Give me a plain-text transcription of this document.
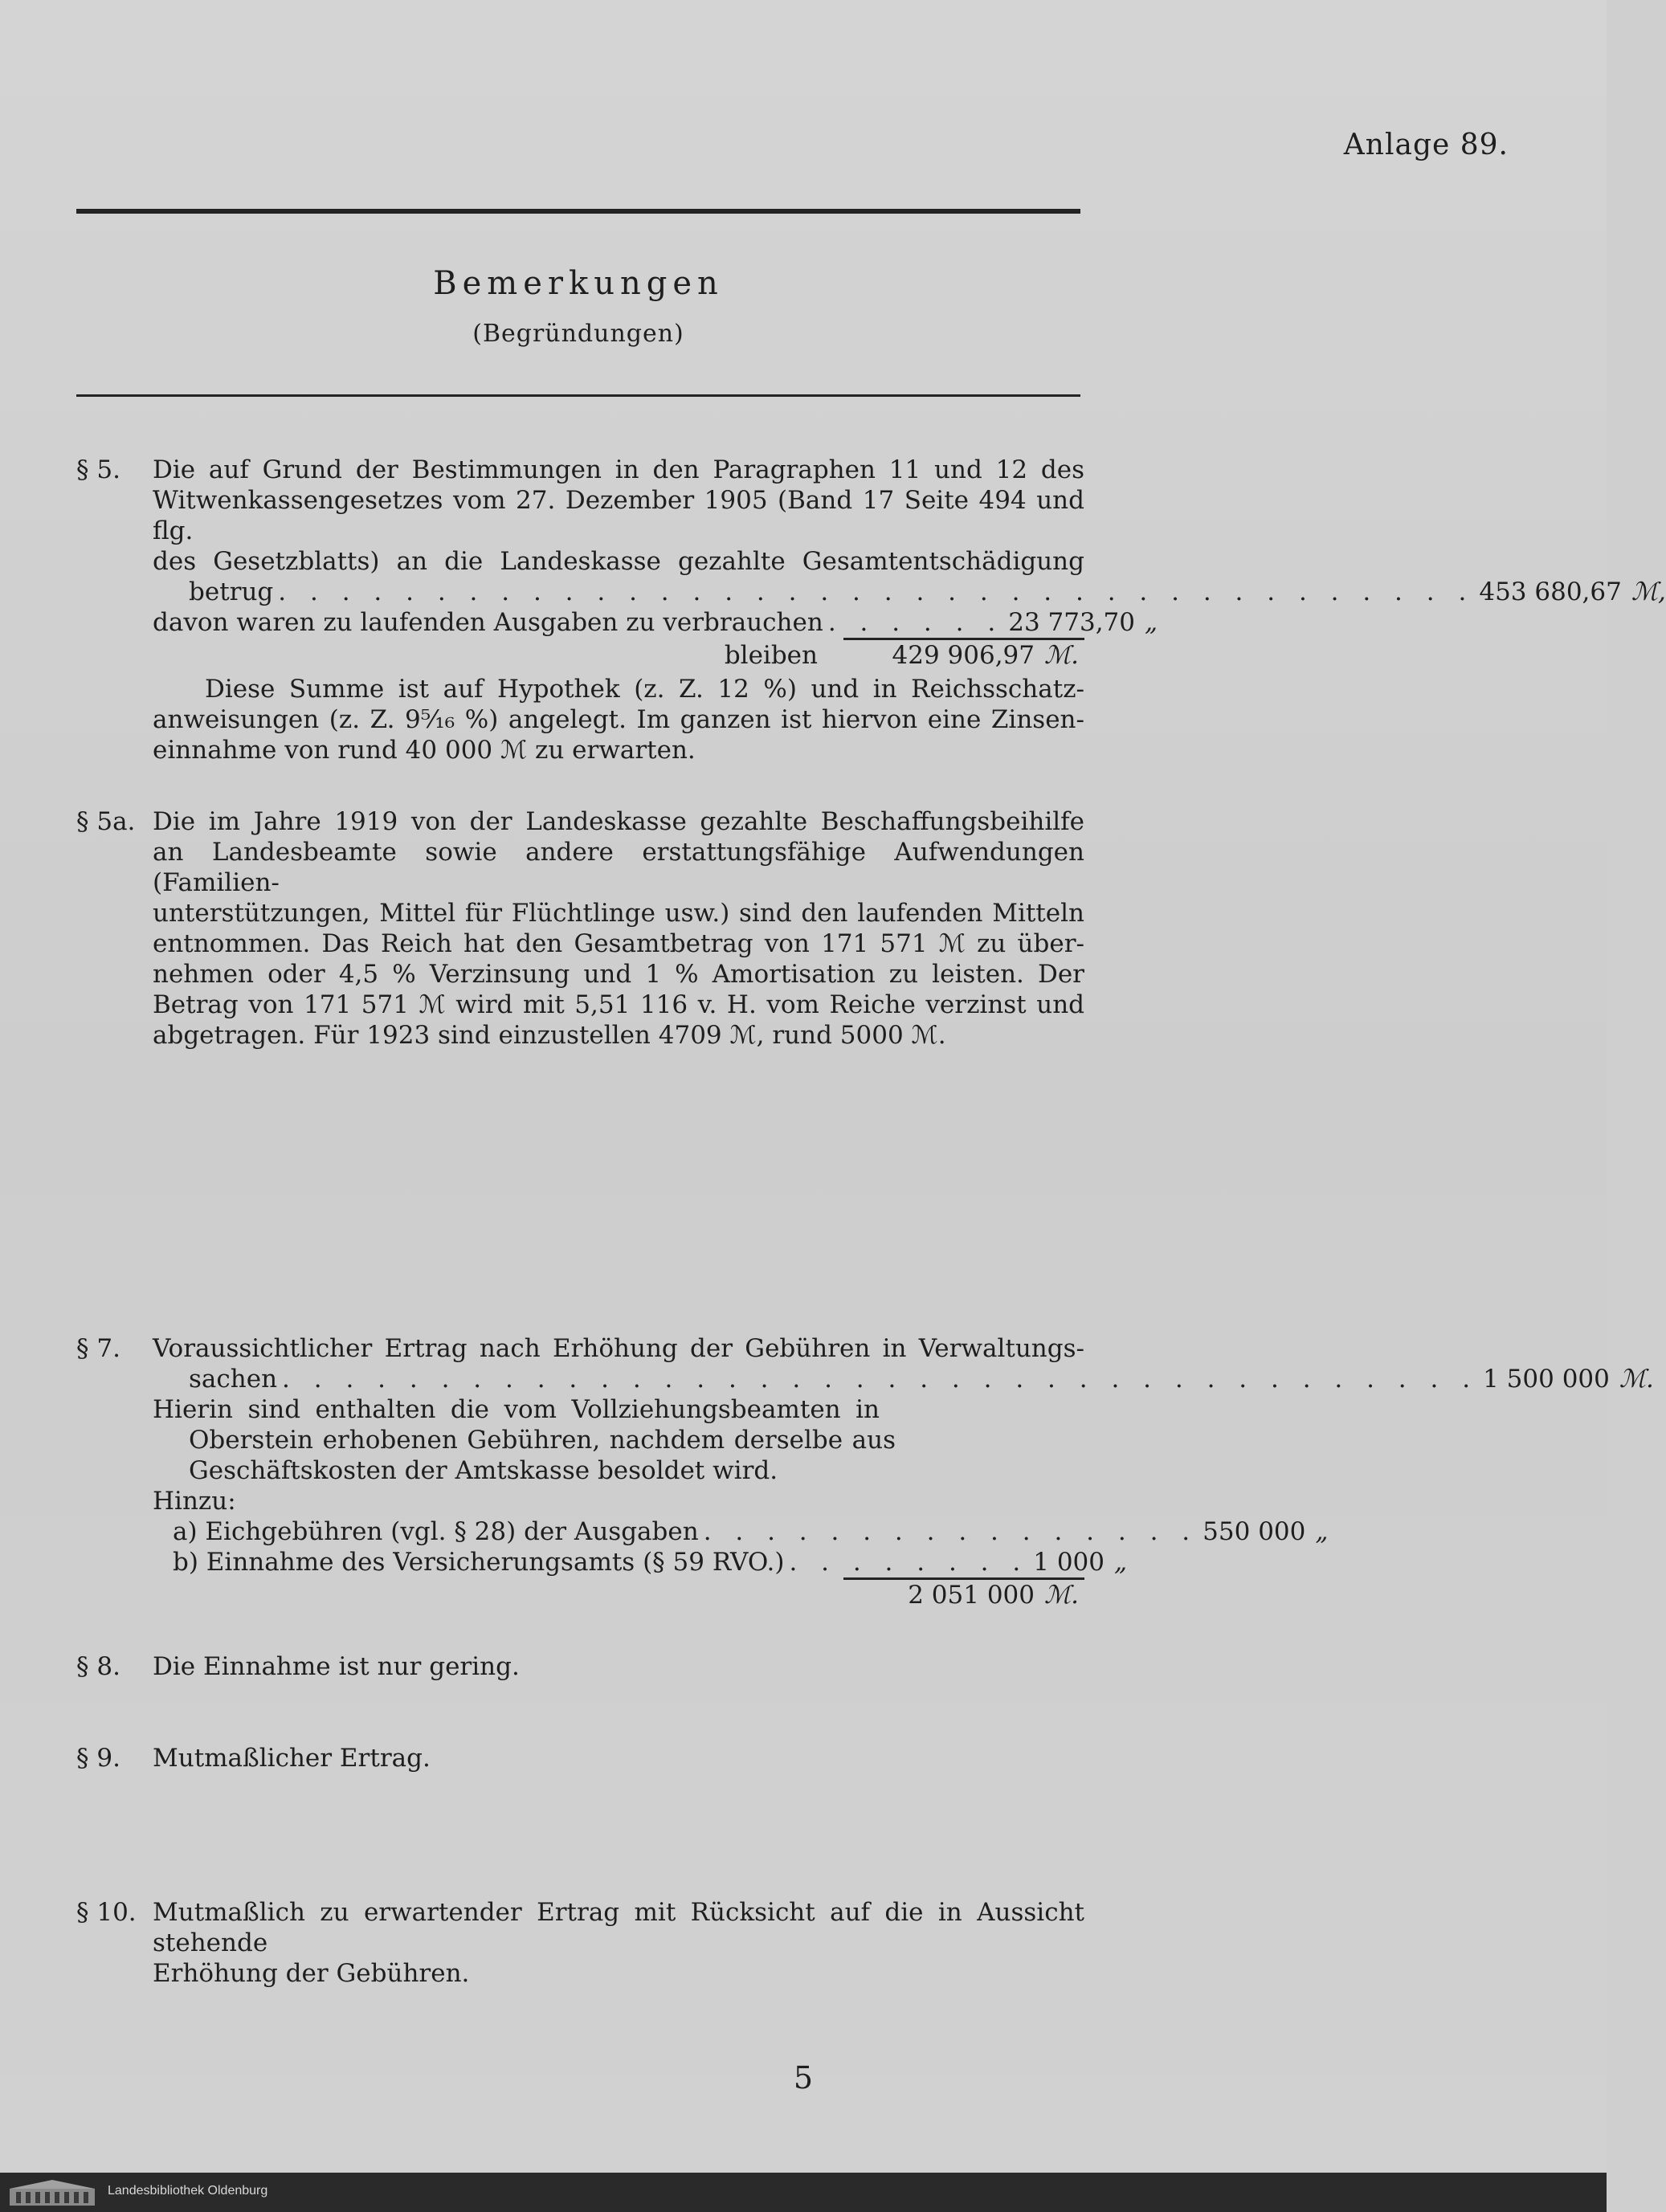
Anlage 89.
Bemerkungen
(Begründungen)
§ 5.	Die auf Grund der Bestimmungen in den Paragraphen 11 und 12 des
Witwenkassengesetzes vom 27. Dezember 1905 (Band 17 Seite 494 und flg.
des Gesetzblatts) an die Landeskasse gezahlte Gesamtentschädigung
betrug . . . . . . . . . . . . . . . . . . . . . . . . . . . . . . . . . . . . . . 453 680,67 ℳ,
davon waren zu laufenden Ausgaben zu verbrauchen . . . . . . 23 773,70 „
bleiben	429 906,97 ℳ.
Diese Summe ist auf Hypothek (z. Z. 12 %) und in Reichsschatz-
anweisungen (z. Z. 9⁵⁄₁₆ %) angelegt. Im ganzen ist hiervon eine Zinsen-
einnahme von rund 40 000 ℳ zu erwarten.
§ 5a. Die im Jahre 1919 von der Landeskasse gezahlte Beschaffungsbeihilfe
an Landesbeamte sowie andere erstattungsfähige Aufwendungen (Familien-
unterstützungen, Mittel für Flüchtlinge usw.) sind den laufenden Mitteln
entnommen. Das Reich hat den Gesamtbetrag von 171 571 ℳ zu über-
nehmen oder 4,5 % Verzinsung und 1 % Amortisation zu leisten. Der
Betrag von 171 571 ℳ wird mit 5,51 116 v. H. vom Reiche verzinst und
abgetragen. Für 1923 sind einzustellen 4709 ℳ, rund 5000 ℳ.
§ 7.	Voraussichtlicher Ertrag nach Erhöhung der Gebühren in Verwaltungs-
sachen . . . . . . . . . . . . . . . . . . . . . . . . . . . . . . . . . . . . . . 1 500 000 ℳ.
Hierin sind enthalten die vom Vollziehungsbeamten in
Oberstein erhobenen Gebühren, nachdem derselbe aus
Geschäftskosten der Amtskasse besoldet wird.
Hinzu:
a) Eichgebühren (vgl. § 28) der Ausgaben . . . . . . . . . . . . . . . . 550 000 „
b) Einnahme des Versicherungsamts (§ 59 RVO.) . . . . . . . . 1 000 „
2 051 000 ℳ.
§ 8.	Die Einnahme ist nur gering.
§ 9.	Mutmaßlicher Ertrag.
§ 10. Mutmaßlich zu erwartender Ertrag mit Rücksicht auf die in Aussicht stehende
Erhöhung der Gebühren.
5
Landesbibliothek Oldenburg
